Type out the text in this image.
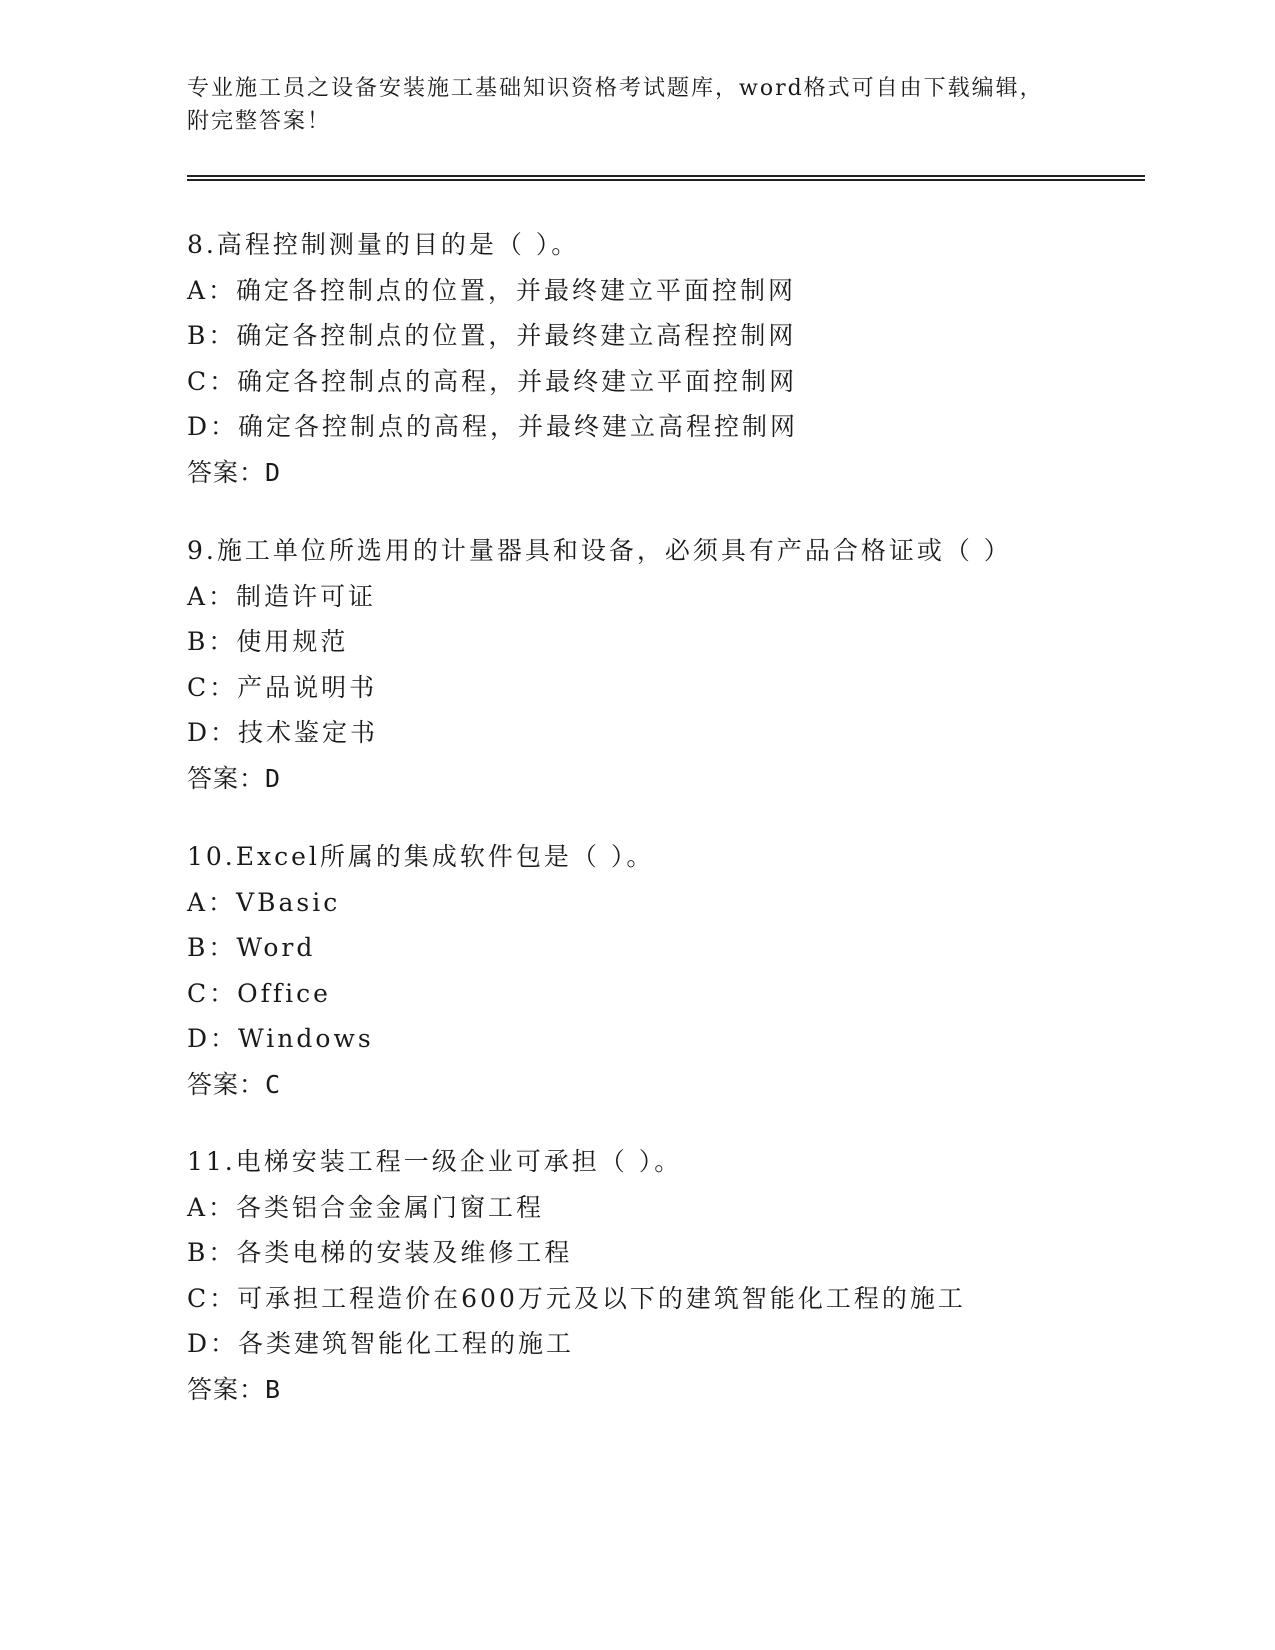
专业施工员之设备安装施工基础知识资格考试题库，word格式可自由下载编辑，
附完整答案！
8.高程控制测量的目的是（ ）。
A：确定各控制点的位置，并最终建立平面控制网
B：确定各控制点的位置，并最终建立高程控制网
C：确定各控制点的高程，并最终建立平面控制网
D：确定各控制点的高程，并最终建立高程控制网
答案：D
9.施工单位所选用的计量器具和设备，必须具有产品合格证或（ ）
A：制造许可证
B：使用规范
C：产品说明书
D：技术鉴定书
答案：D
10.Excel所属的集成软件包是（ ）。
A：VBasic
B：Word
C：Office
D：Windows
答案：C
11.电梯安装工程一级企业可承担（ ）。
A：各类铝合金金属门窗工程
B：各类电梯的安装及维修工程
C：可承担工程造价在600万元及以下的建筑智能化工程的施工
D：各类建筑智能化工程的施工
答案：B
